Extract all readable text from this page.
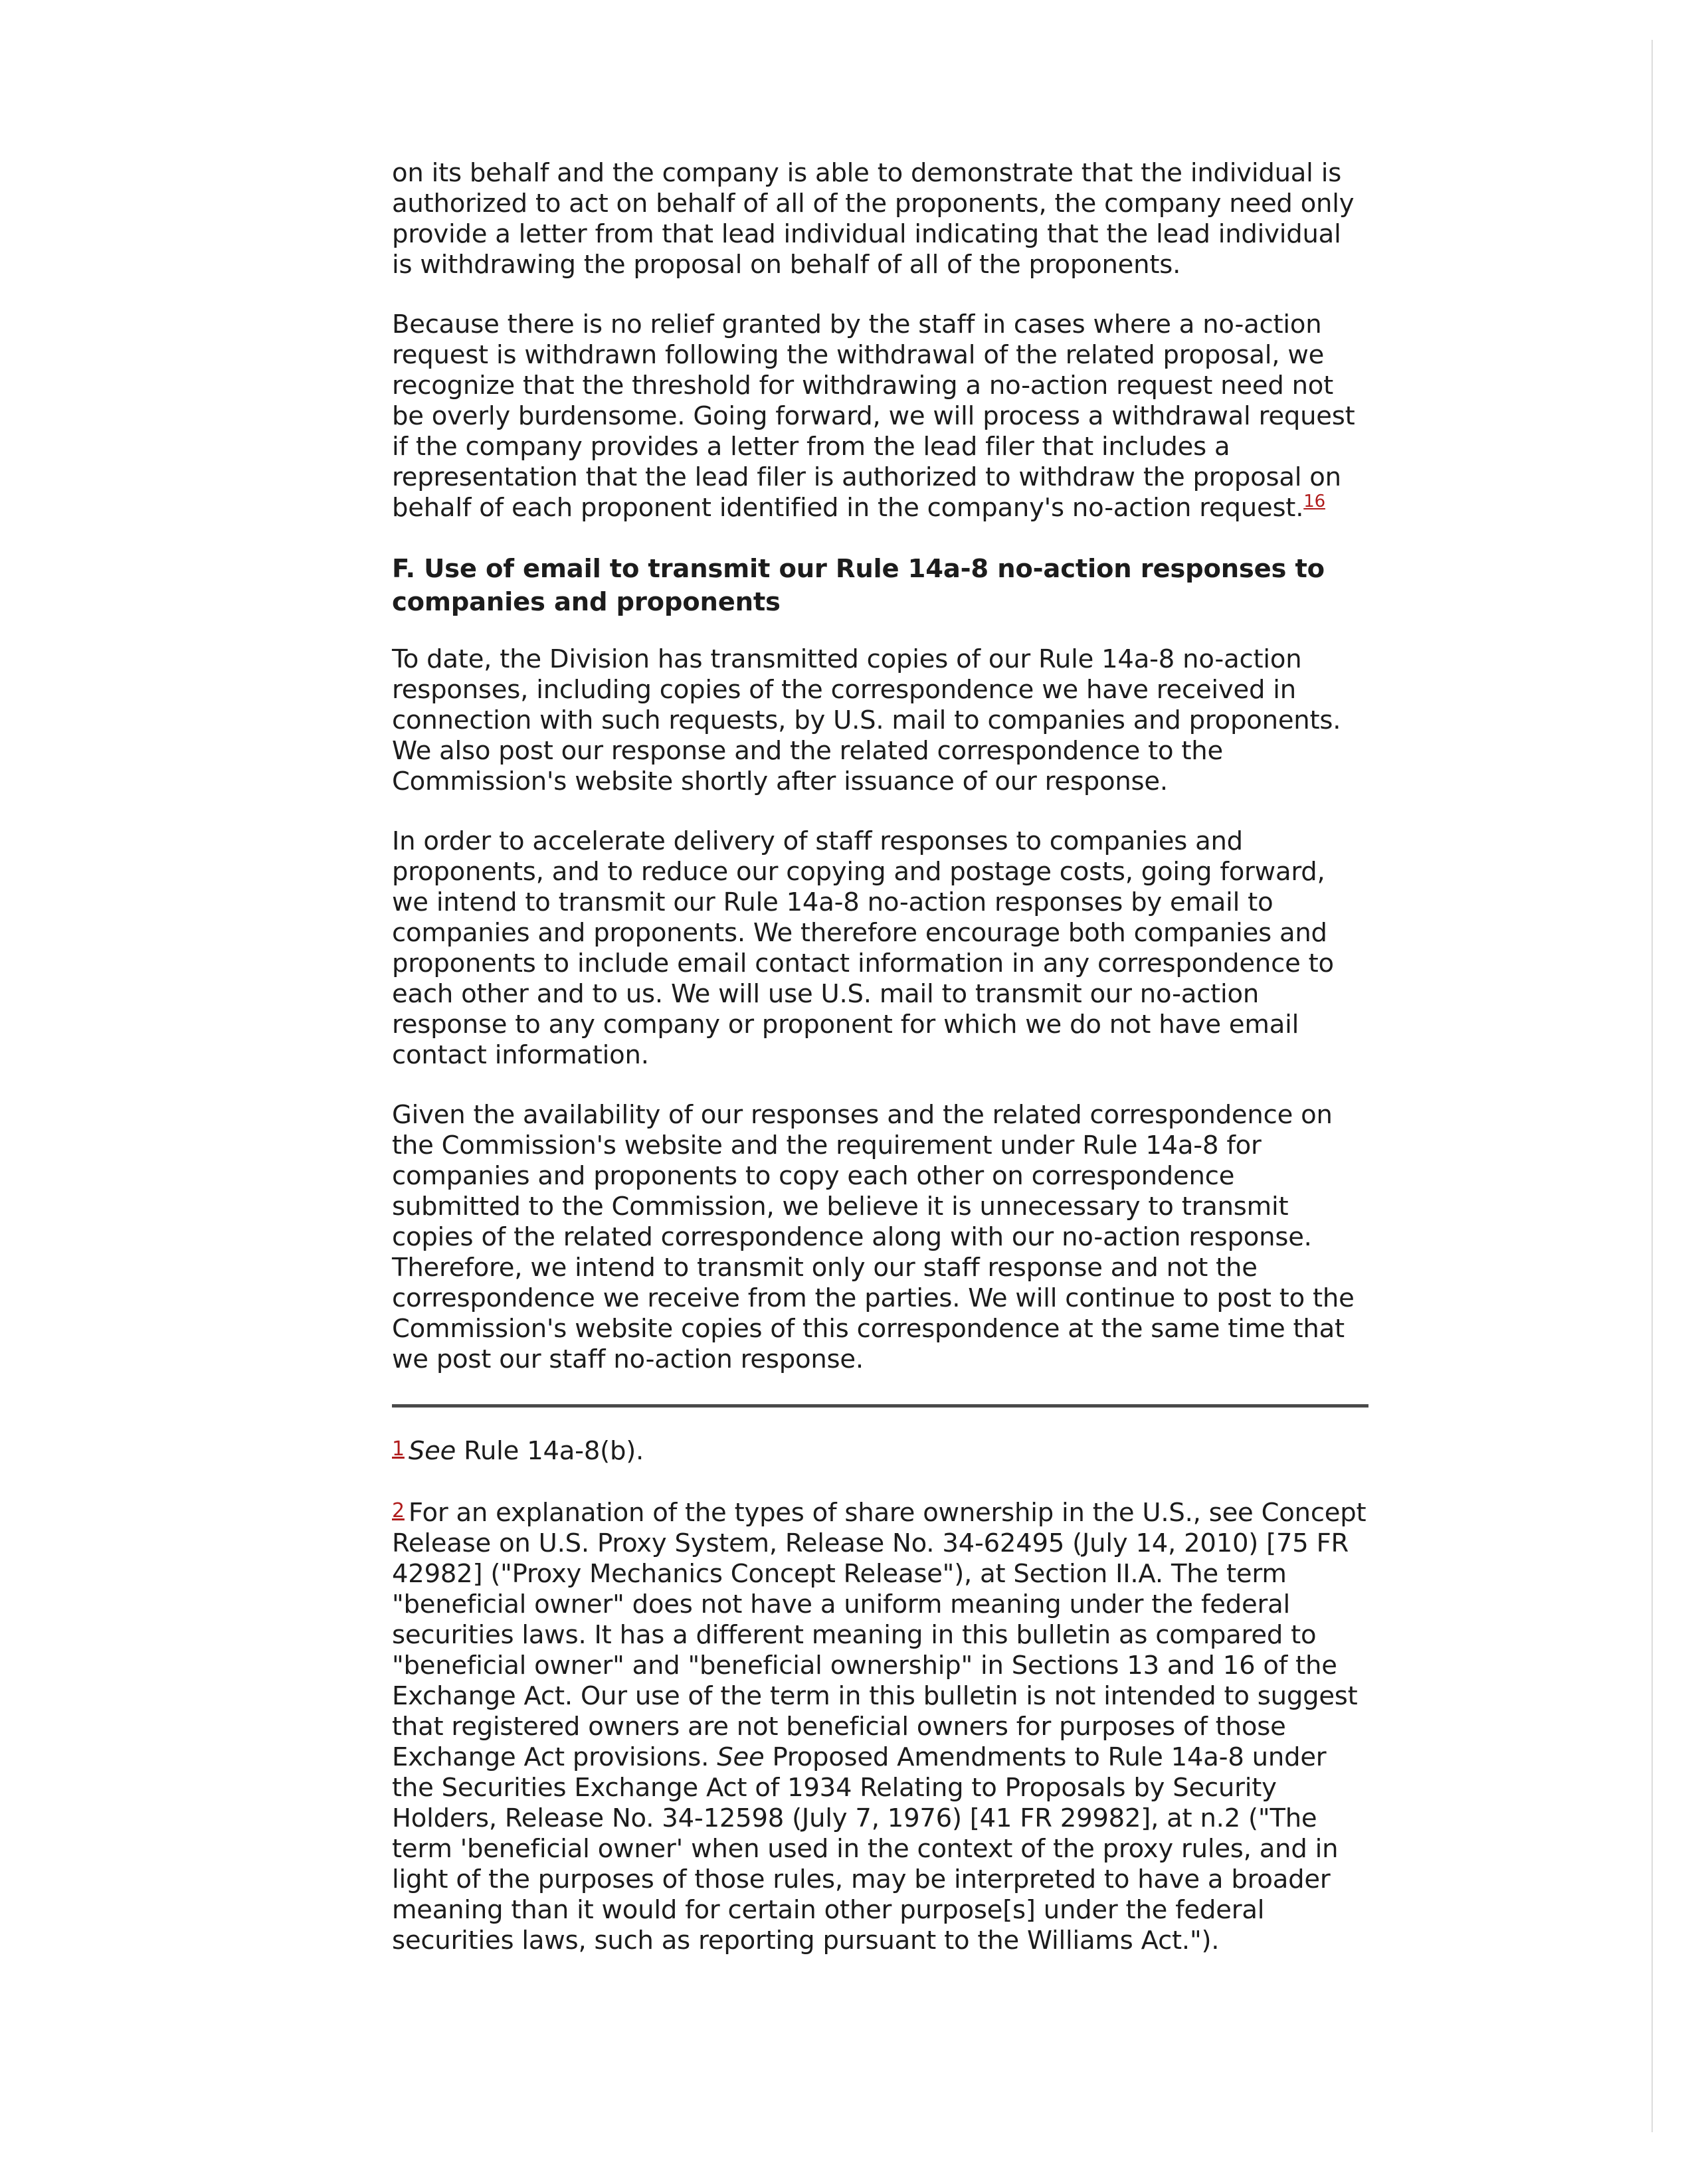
on its behalf and the company is able to demonstrate that the individual is authorized to act on behalf of all of the proponents, the company need only provide a letter from that lead individual indicating that the lead individual is withdrawing the proposal on behalf of all of the proponents.

Because there is no relief granted by the staff in cases where a no-action request is withdrawn following the withdrawal of the related proposal, we recognize that the threshold for withdrawing a no-action request need not be overly burdensome. Going forward, we will process a withdrawal request if the company provides a letter from the lead filer that includes a representation that the lead filer is authorized to withdraw the proposal on behalf of each proponent identified in the company's no-action request.$^{16}$

F. Use of email to transmit our Rule 14a-8 no-action responses to companies and proponents

To date, the Division has transmitted copies of our Rule 14a-8 no-action responses, including copies of the correspondence we have received in connection with such requests, by U.S. mail to companies and proponents. We also post our response and the related correspondence to the Commission's website shortly after issuance of our response.

In order to accelerate delivery of staff responses to companies and proponents, and to reduce our copying and postage costs, going forward, we intend to transmit our Rule 14a-8 no-action responses by email to companies and proponents. We therefore encourage both companies and proponents to include email contact information in any correspondence to each other and to us. We will use U.S. mail to transmit our no-action response to any company or proponent for which we do not have email contact information.

Given the availability of our responses and the related correspondence on the Commission's website and the requirement under Rule 14a-8 for companies and proponents to copy each other on correspondence submitted to the Commission, we believe it is unnecessary to transmit copies of the related correspondence along with our no-action response. Therefore, we intend to transmit only our staff response and not the correspondence we receive from the parties. We will continue to post to the Commission's website copies of this correspondence at the same time that we post our staff no-action response.

1 See Rule 14a-8(b).

2 For an explanation of the types of share ownership in the U.S., see Concept Release on U.S. Proxy System, Release No. 34-62495 (July 14, 2010) [75 FR 42982] ("Proxy Mechanics Concept Release"), at Section II.A. The term "beneficial owner" does not have a uniform meaning under the federal securities laws. It has a different meaning in this bulletin as compared to "beneficial owner" and "beneficial ownership" in Sections 13 and 16 of the Exchange Act. Our use of the term in this bulletin is not intended to suggest that registered owners are not beneficial owners for purposes of those Exchange Act provisions. See Proposed Amendments to Rule 14a-8 under the Securities Exchange Act of 1934 Relating to Proposals by Security Holders, Release No. 34-12598 (July 7, 1976) [41 FR 29982], at n.2 ("The term 'beneficial owner' when used in the context of the proxy rules, and in light of the purposes of those rules, may be interpreted to have a broader meaning than it would for certain other purpose[s] under the federal securities laws, such as reporting pursuant to the Williams Act.").
